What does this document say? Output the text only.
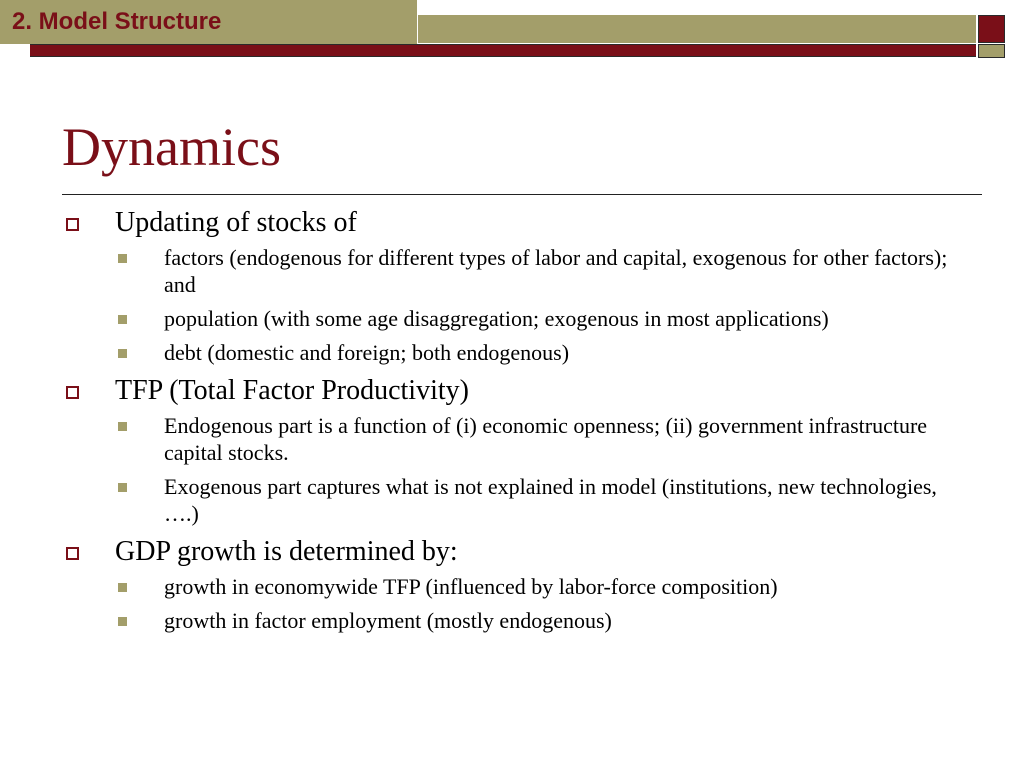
2. Model Structure
Dynamics
Updating of stocks of
factors (endogenous for different types of labor and capital, exogenous for other factors); and
population (with some age disaggregation; exogenous in most applications)
debt (domestic and foreign; both endogenous)
TFP (Total Factor Productivity)
Endogenous part is a function of (i) economic openness; (ii) government infrastructure capital stocks.
Exogenous part captures what is not explained in model (institutions, new technologies, ….)
GDP growth is determined by:
growth in economywide TFP (influenced by labor-force composition)
growth in factor employment (mostly endogenous)
